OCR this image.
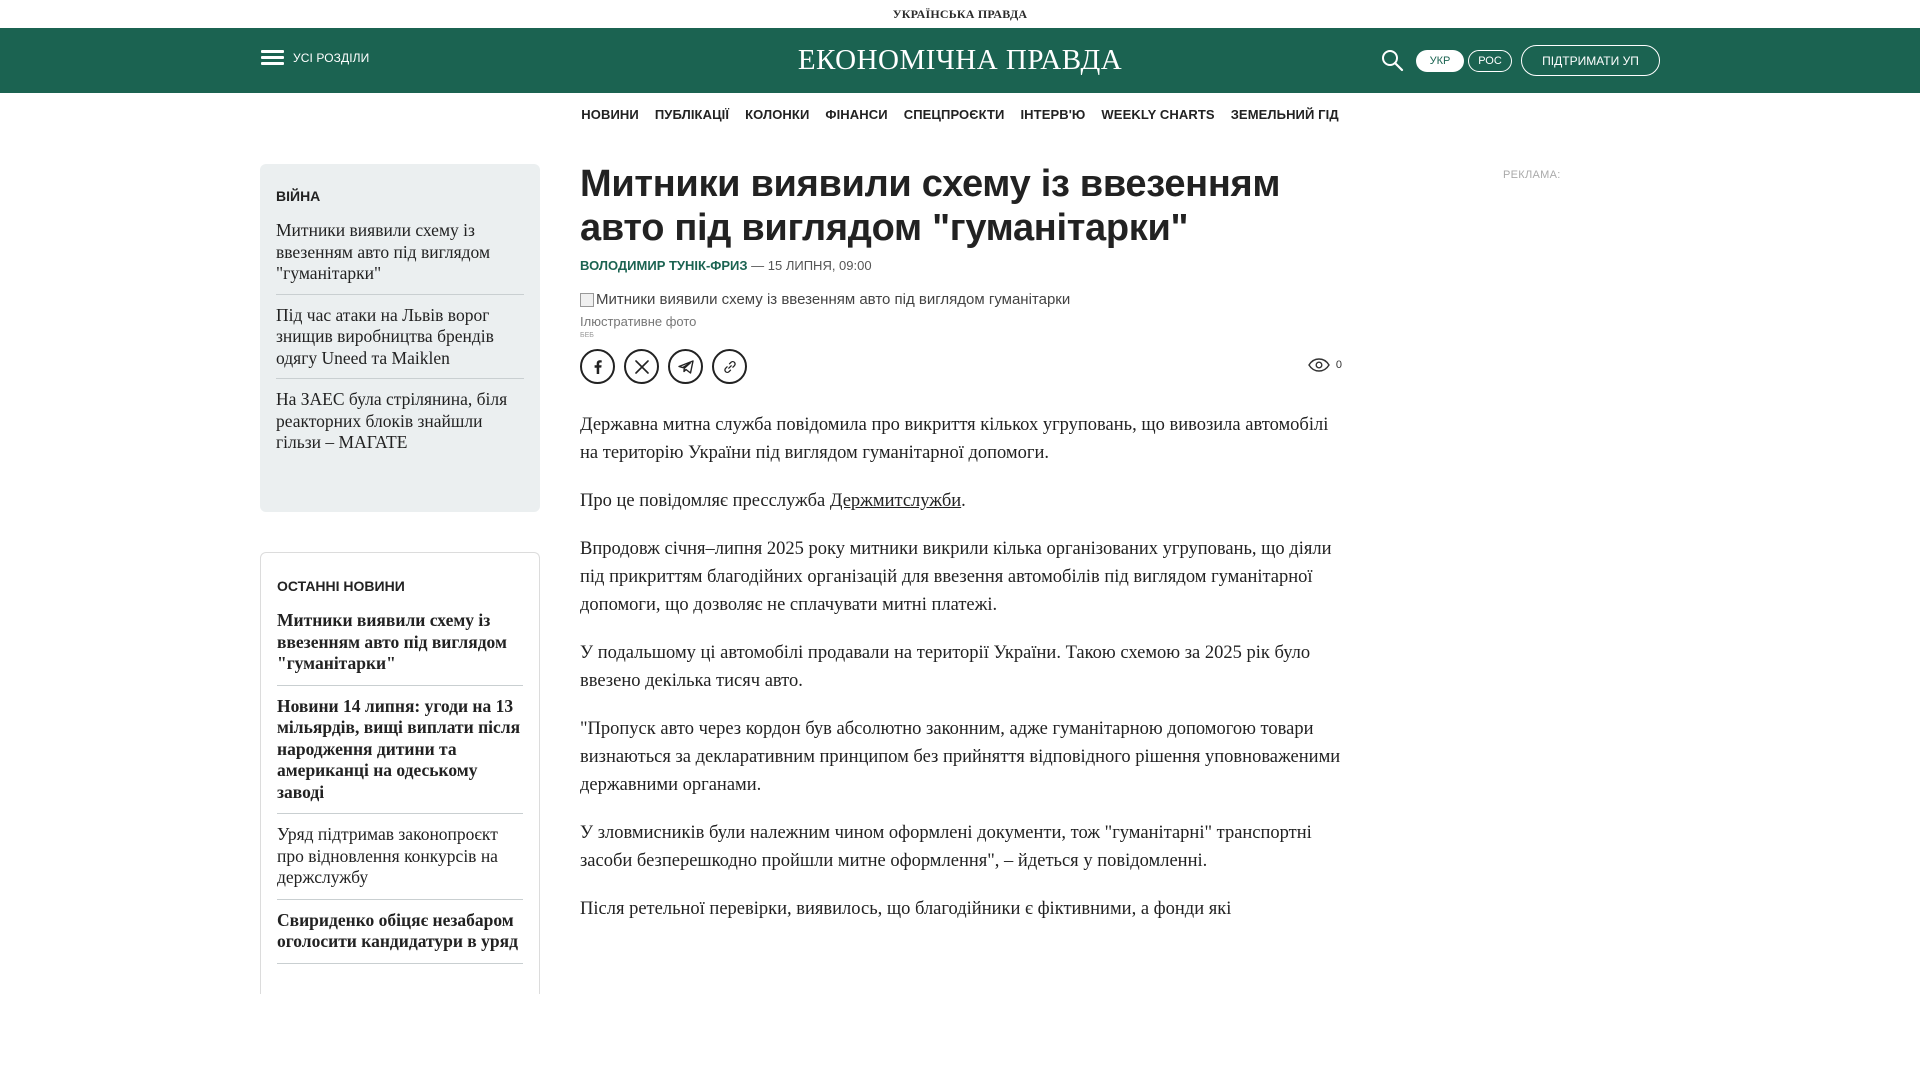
УКРАЇНСЬКА ПРАВДА
УСІ РОЗДІЛИ	ЕКОНОМІЧНА ПРАВДА	УКР	РОС	ПІДТРИМАТИ УП
НОВИНИ ПУБЛІКАЦІЇ КОЛОНКИ ФІНАНСИ СПЕЦПРОЄКТИ ІНТЕРВ'Ю WEEKLY CHARTS ЗЕМЕЛЬНИЙ ГІД
ВІЙНА
Митники виявили схему із ввезенням авто під виглядом "гуманітарки"
Під час атаки на Львів ворог знищив виробництва брендів одягу Uneed та Maiklen
На ЗАЕС була стрілянина, біля реакторних блоків знайшли гільзи – МАГАТЕ
ОСТАННІ НОВИНИ
Митники виявили схему із ввезенням авто під виглядом "гуманітарки"
Новини 14 липня: угоди на 13 мільярдів, вищі виплати після народження дитини та американці на одеському заводі
Уряд підтримав законопроєкт про відновлення конкурсів на держслужбу
Свириденко обіцяє незабаром оголосити кандидатури в уряд
Митники виявили схему із ввезенням авто під виглядом "гуманітарки"
ВОЛОДИМИР ТУНІК-ФРИЗ — 15 ЛИПНЯ, 09:00
Митники виявили схему із ввезенням авто під виглядом гуманітарки
Ілюстративне фото
БЕБ
0

Державна митна служба повідомила про викриття кількох угруповань, що вивозила автомобілі на територію України під виглядом гуманітарної допомоги.

Про це повідомляє пресслужба Держмитслужби.

Впродовж січня–липня 2025 року митники викрили кілька організованих угруповань, що діяли під прикриттям благодійних організацій для ввезення автомобілів під виглядом гуманітарної допомоги, що дозволяє не сплачувати митні платежі.

У подальшому ці автомобілі продавали на території України. Такою схемою за 2025 рік було ввезено декілька тисяч авто.

"Пропуск авто через кордон був абсолютно законним, адже гуманітарною допомогою товари визнаються за декларативним принципом без прийняття відповідного рішення уповноваженими державними органами.

У зловмисників були належним чином оформлені документи, тож "гуманітарні" транспортні засоби безперешкодно пройшли митне оформлення", – йдеться у повідомленні.

Після ретельної перевірки, виявилось, що благодійники є фіктивними, а фонди які

РЕКЛАМА:
